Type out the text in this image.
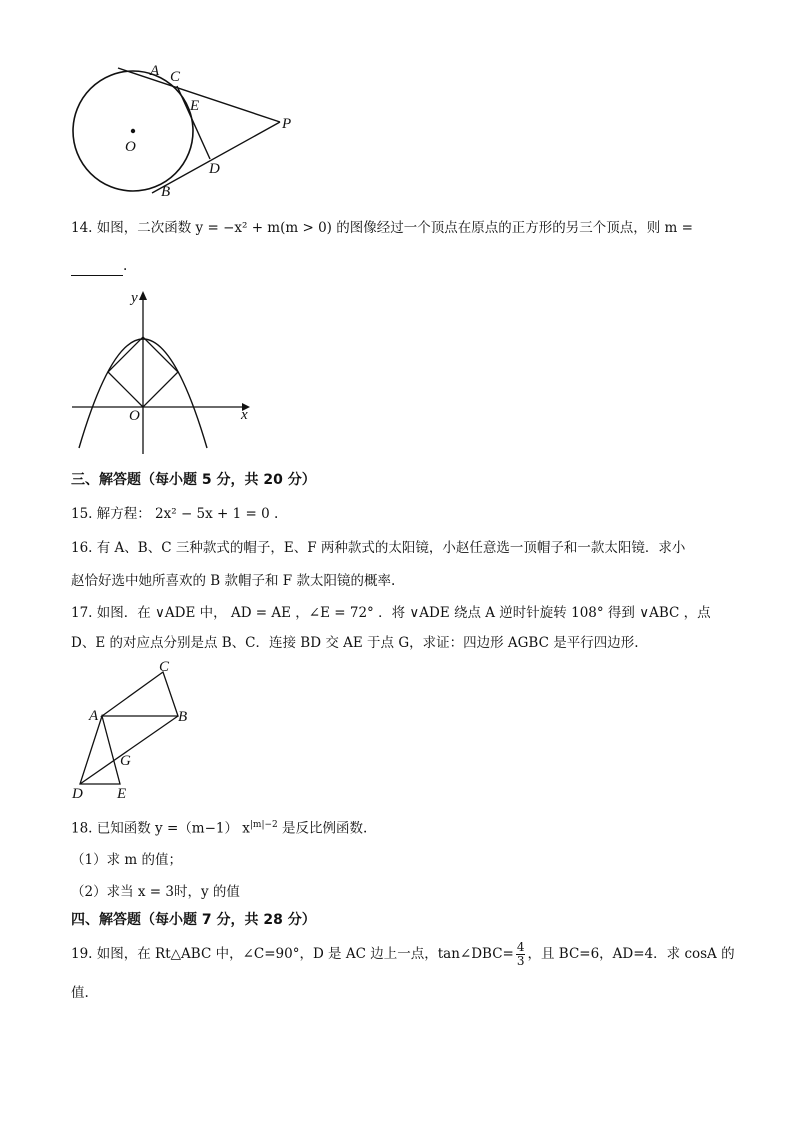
A C
E
P
O
D
B
14. 如图，二次函数 y = −x² + m(m > 0) 的图像经过一个顶点在原点的正方形的另三个顶点，则 m =
.
y
x
O
三、解答题（每小题 5 分，共 20 分）
15. 解方程： 2x² − 5x + 1 = 0 .
16. 有 A、B、C 三种款式的帽子，E、F 两种款式的太阳镜，小赵任意选一顶帽子和一款太阳镜．求小
赵恰好选中她所喜欢的 B 款帽子和 F 款太阳镜的概率.
17. 如图．在 ∨ADE 中， AD = AE ，∠E = 72° ．将 ∨ADE 绕点 A 逆时针旋转 108° 得到 ∨ABC ，点
D、E 的对应点分别是点 B、C．连接 BD 交 AE 于点 G，求证：四边形 AGBC 是平行四边形.
C
A	B
G
D E
18. 已知函数 y =（m−1） $x^{|m|-2}$ 是反比例函数.
（1）求 m 的值；
（2）求当 x = 3时，y 的值
四、解答题（每小题 7 分，共 28 分）
19. 如图，在 Rt△ABC 中，∠C=90°，D 是 AC 边上一点，tan∠DBC= $\frac{4}{3}$ ，且 BC=6，AD=4．求 cosA 的
值.
